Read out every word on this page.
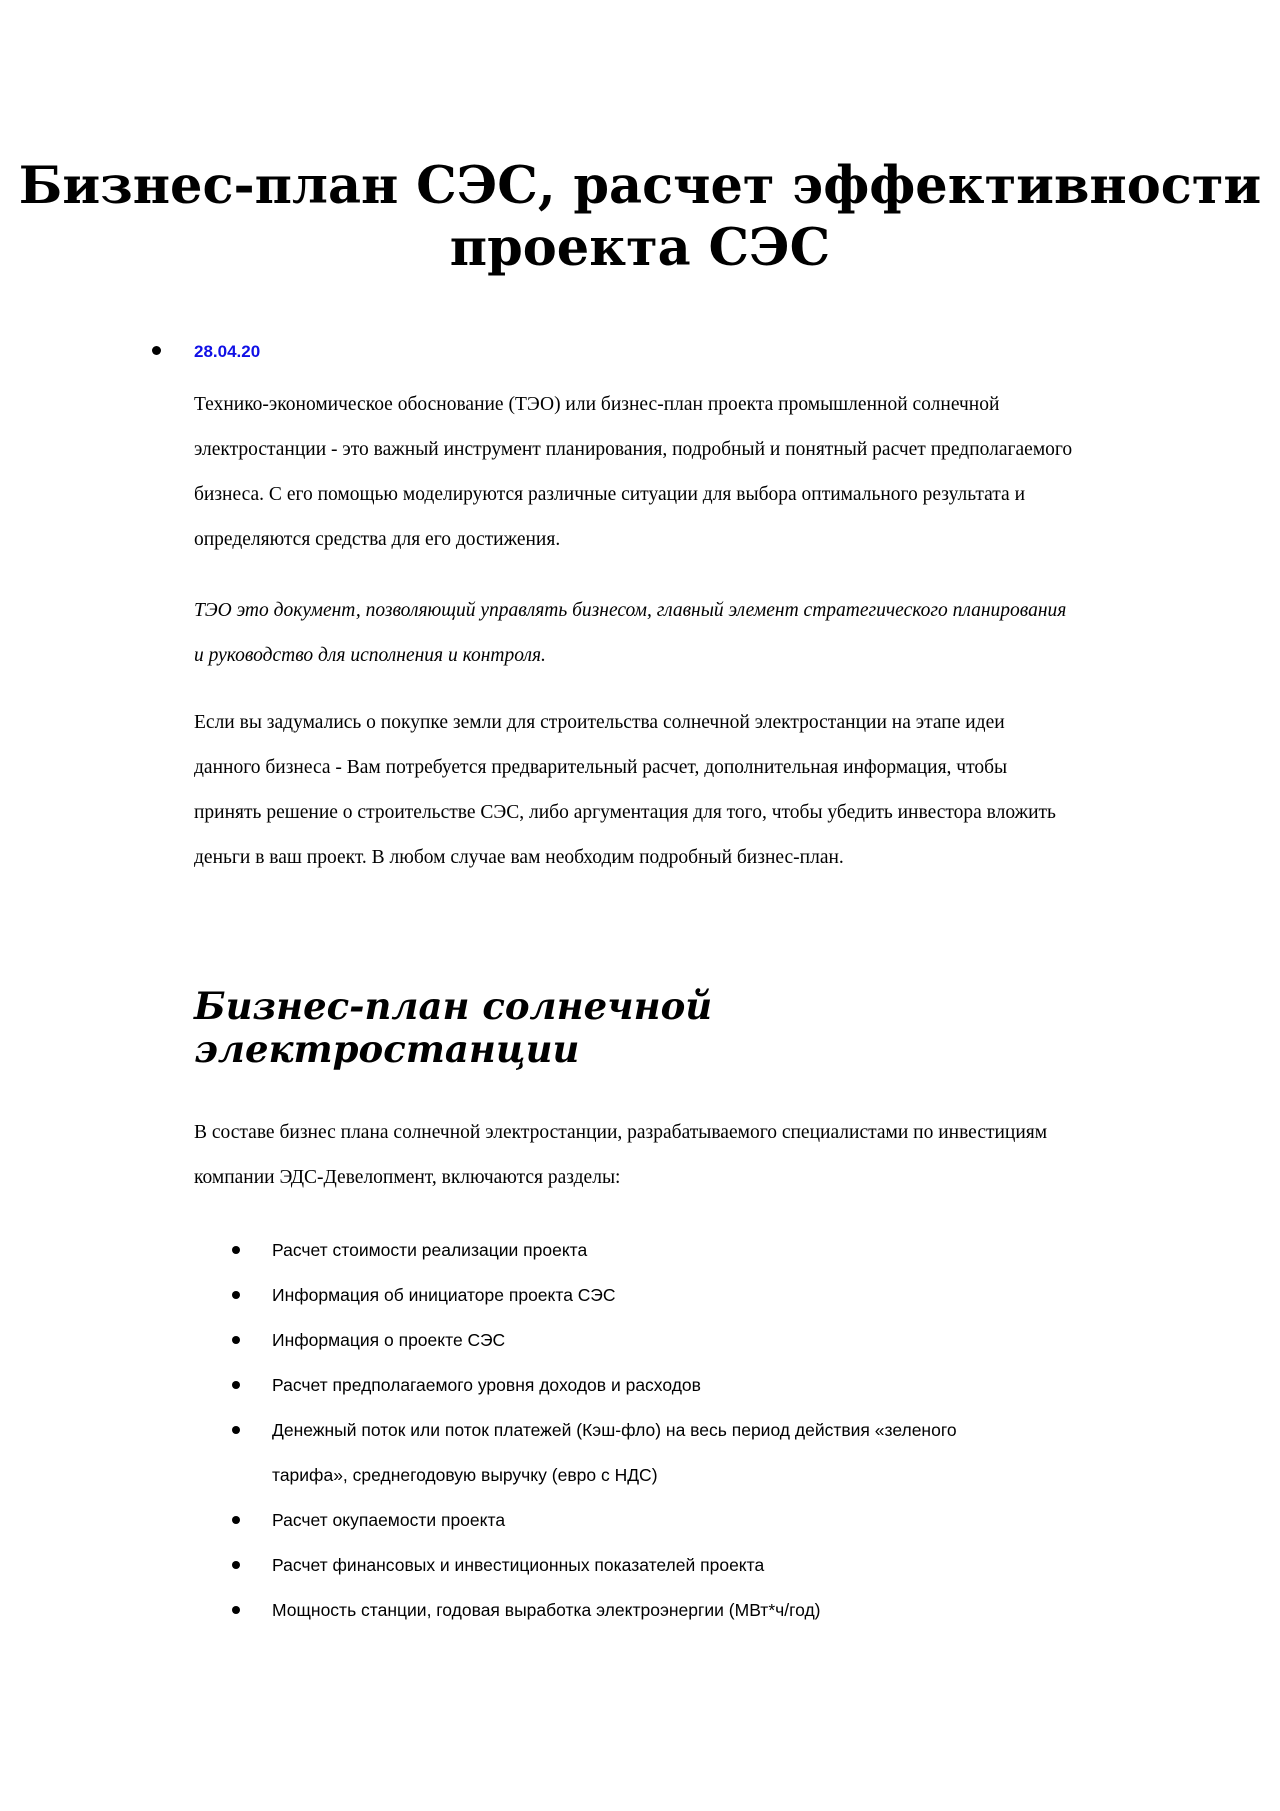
Бизнес-план СЭС, расчет эффективности проекта СЭС
28.04.20

Технико-экономическое обоснование (ТЭО) или бизнес-план проекта промышленной солнечной электростанции - это важный инструмент планирования, подробный и понятный расчет предполагаемого бизнеса. С его помощью моделируются различные ситуации для выбора оптимального результата и определяются средства для его достижения.

ТЭО это документ, позволяющий управлять бизнесом, главный элемент стратегического планирования и руководство для исполнения и контроля.

Если вы задумались о покупке земли для строительства солнечной электростанции на этапе идеи данного бизнеса - Вам потребуется предварительный расчет, дополнительная информация, чтобы принять решение о строительстве СЭС, либо аргументация для того, чтобы убедить инвестора вложить деньги в ваш проект. В любом случае вам необходим подробный бизнес-план.

Бизнес-план солнечной электростанции

В составе бизнес плана солнечной электростанции, разрабатываемого специалистами по инвестициям компании ЭДС-Девелопмент, включаются разделы:

Расчет стоимости реализации проекта
Информация об инициаторе проекта СЭС
Информация о проекте СЭС
Расчет предполагаемого уровня доходов и расходов
Денежный поток или поток платежей (Кэш-фло) на весь период действия «зеленого тарифа», среднегодовую выручку (евро с НДС)
Расчет окупаемости проекта
Расчет финансовых и инвестиционных показателей проекта
Мощность станции, годовая выработка электроэнергии (МВт*ч/год)
